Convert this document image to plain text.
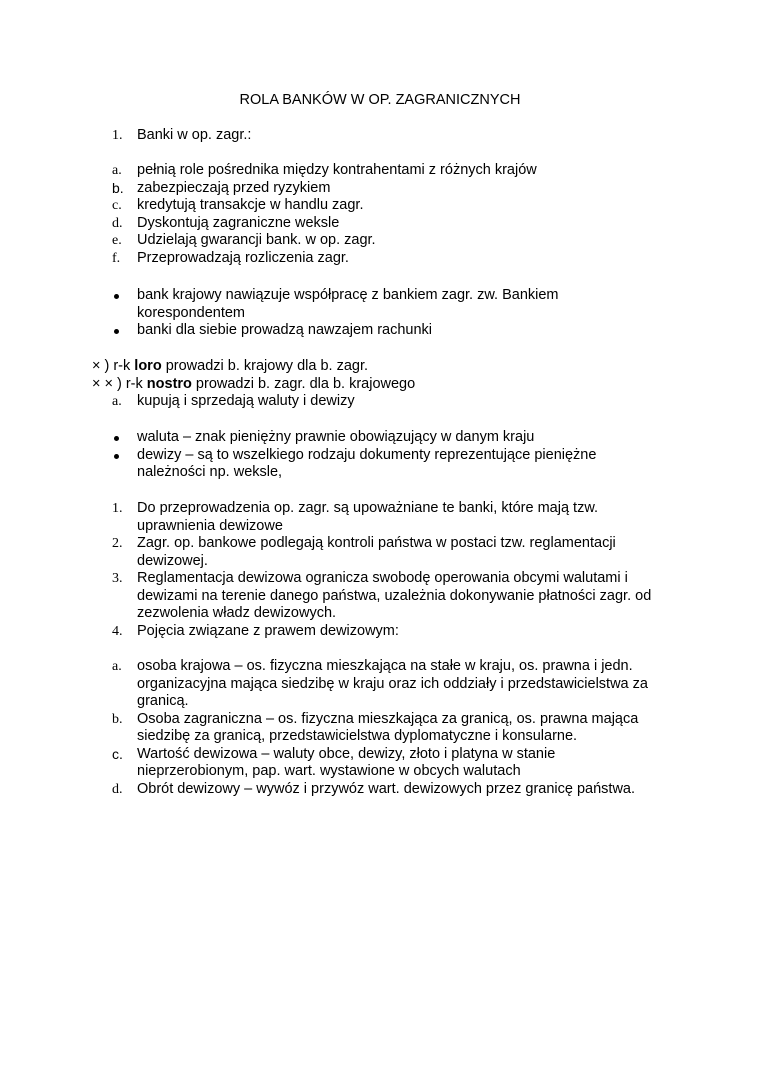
ROLA BANKÓW W OP. ZAGRANICZNYCH
1. Banki w op. zagr.:
a. pełnią role pośrednika między kontrahentami z różnych krajów
b. zabezpieczają przed ryzykiem
c. kredytują transakcje w handlu zagr.
d. Dyskontują zagraniczne weksle
e. Udzielają gwarancji bank. w op. zagr.
f. Przeprowadzają rozliczenia zagr.
bank krajowy nawiązuje współpracę z bankiem zagr. zw. Bankiem korespondentem
banki dla siebie prowadzą nawzajem rachunki
× ) r-k loro prowadzi b. krajowy dla b. zagr.
× × ) r-k nostro prowadzi b. zagr. dla b. krajowego
a. kupują i sprzedają waluty i dewizy
waluta – znak pieniężny prawnie obowiązujący w danym kraju
dewizy – są to wszelkiego rodzaju dokumenty reprezentujące pieniężne należności np. weksle,
1. Do przeprowadzenia op. zagr. są upoważniane te banki, które mają tzw. uprawnienia dewizowe
2. Zagr. op. bankowe podlegają kontroli państwa w postaci tzw. reglamentacji dewizowej.
3. Reglamentacja dewizowa ogranicza swobodę operowania obcymi walutami i dewizami na terenie danego państwa, uzależnia dokonywanie płatności zagr. od zezwolenia władz dewizowych.
4. Pojęcia związane z prawem dewizowym:
a. osoba krajowa – os. fizyczna mieszkająca na stałe w kraju, os. prawna i jedn. organizacyjna mająca siedzibę w kraju oraz ich oddziały i przedstawicielstwa za granicą.
b. Osoba zagraniczna – os. fizyczna mieszkająca za granicą, os. prawna mająca siedzibę za granicą, przedstawicielstwa dyplomatyczne i konsularne.
c. Wartość dewizowa – waluty obce, dewizy, złoto i platyna w stanie nieprzerobionym, pap. wart. wystawione w obcych walutach
d. Obrót dewizowy – wywóz i przywóz wart. dewizowych przez granicę państwa.
